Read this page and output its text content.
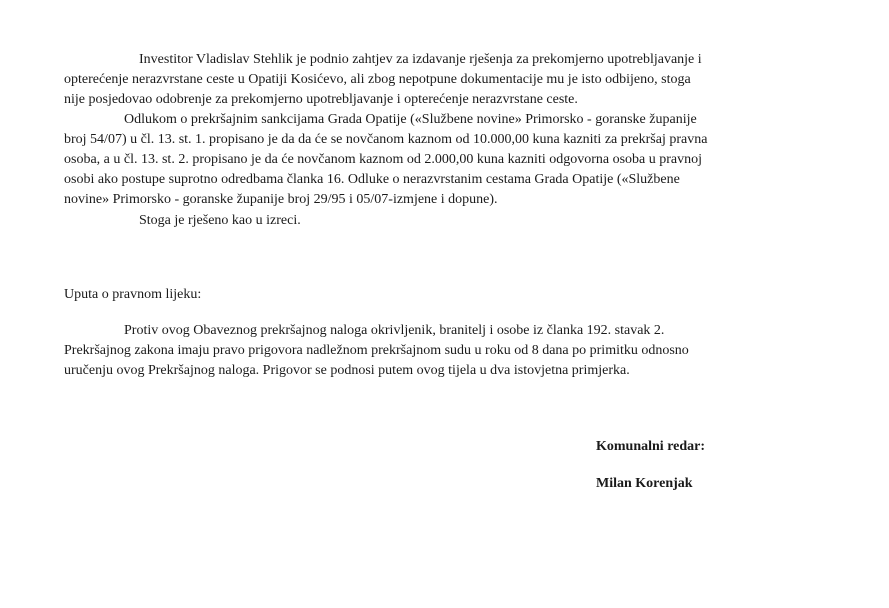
Investitor Vladislav Stehlik je podnio zahtjev za izdavanje rješenja za prekomjerno upotrebljavanje i
opterećenje nerazvrstane ceste u Opatiji Kosićevo, ali zbog nepotpune dokumentacije mu je isto odbijeno, stoga
nije posjedovao odobrenje za prekomjerno upotrebljavanje i opterećenje nerazvrstane ceste.
Odlukom o prekršajnim sankcijama Grada Opatije («Službene novine» Primorsko - goranske županije
broj 54/07) u čl. 13. st. 1. propisano je da da će se novčanom kaznom od 10.000,00 kuna kazniti za prekršaj pravna
osoba, a u čl. 13. st. 2. propisano je da će novčanom kaznom od 2.000,00 kuna kazniti odgovorna osoba u pravnoj
osobi ako postupe suprotno odredbama članka 16. Odluke o nerazvrstanim cestama Grada Opatije («Službene
novine» Primorsko - goranske županije broj 29/95 i 05/07-izmjene i dopune).
Stoga je rješeno kao u izreci.
Uputa o pravnom lijeku:
Protiv ovog Obaveznog prekršajnog naloga okrivljenik, branitelj i osobe iz članka 192. stavak 2.
Prekršajnog zakona imaju pravo prigovora nadležnom prekršajnom sudu u roku od 8 dana po primitku odnosno
uručenju ovog Prekršajnog naloga. Prigovor se podnosi putem ovog tijela u dva istovjetna primjerka.
Komunalni redar:
Milan Korenjak
